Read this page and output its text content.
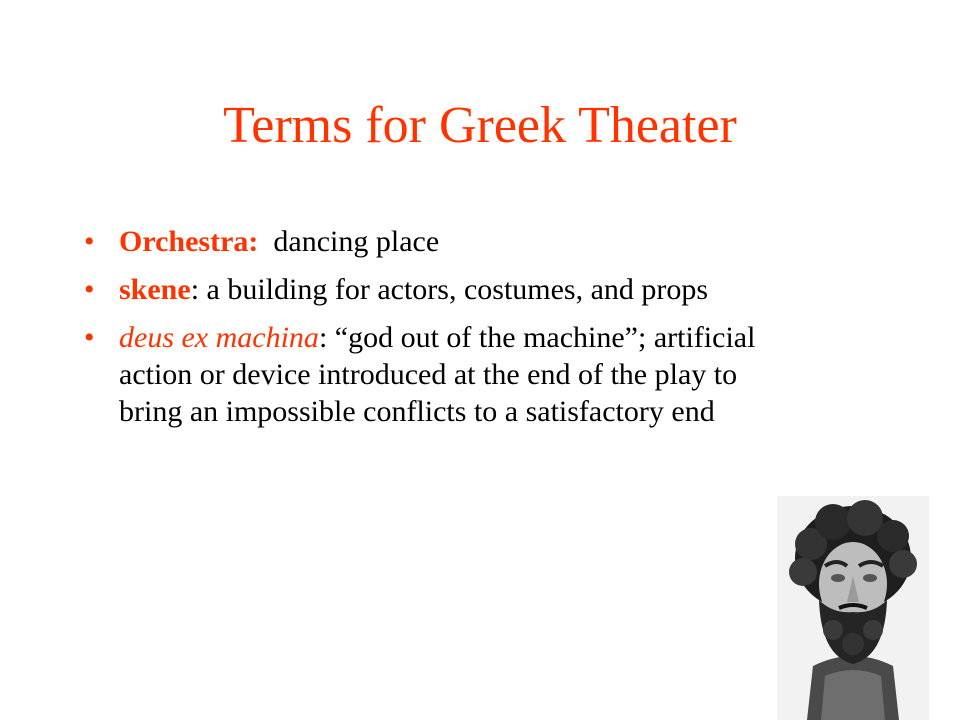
Terms for Greek Theater
• Orchestra:  dancing place
• skene: a building for actors, costumes, and props
• deus ex machina: “god out of the machine”; artificial action or device introduced at the end of the play to bring an impossible conflicts to a satisfactory end
